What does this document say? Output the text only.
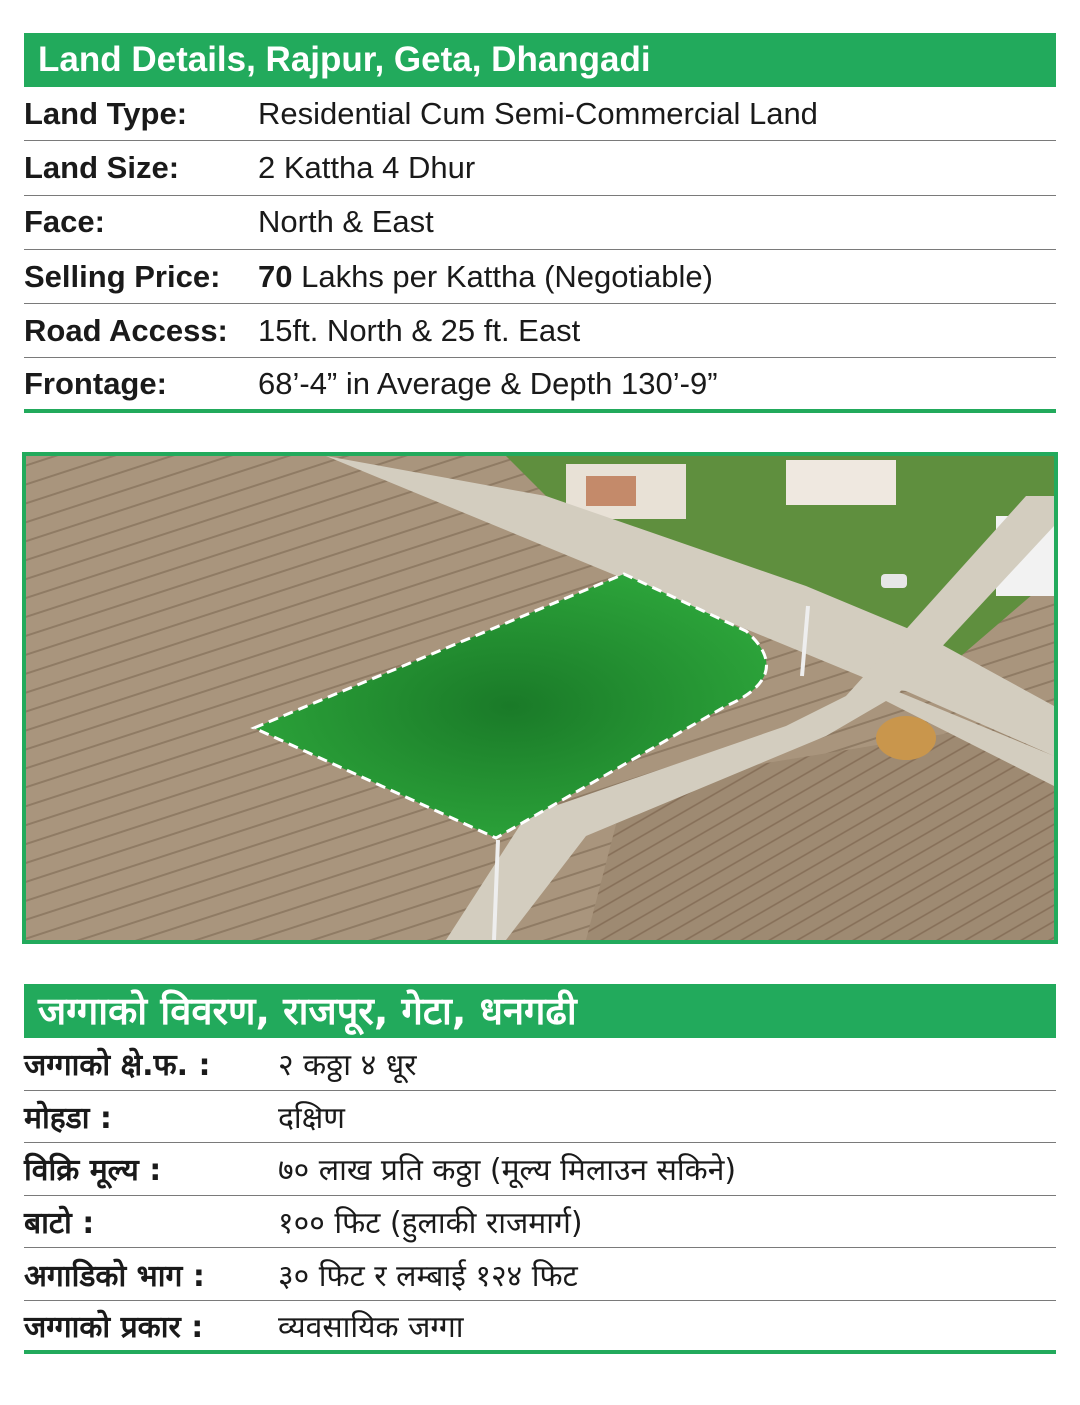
Land Details, Rajpur, Geta, Dhangadi
Land Type:	Residential Cum Semi-Commercial Land
Land Size:	2 Kattha 4 Dhur
Face:	North & East
Selling Price:	70 Lakhs per Kattha (Negotiable)
Road Access: 15ft. North & 25 ft. East
Frontage:	68’-4” in Average & Depth 130’-9”
जग्गाको विवरण, राजपूर, गेटा, धनगढी
जग्गाको क्षे.फ. :	२ कठ्ठा ४ धूर
मोहडा :	दक्षिण
विक्रि मूल्य :	७० लाख प्रति कठ्ठा (मूल्य मिलाउन सकिने)
बाटो :	१०० फिट (हुलाकी राजमार्ग)
अगाडिको भाग :	३० फिट र लम्बाई १२४ फिट
जग्गाको प्रकार :	व्यवसायिक जग्गा
